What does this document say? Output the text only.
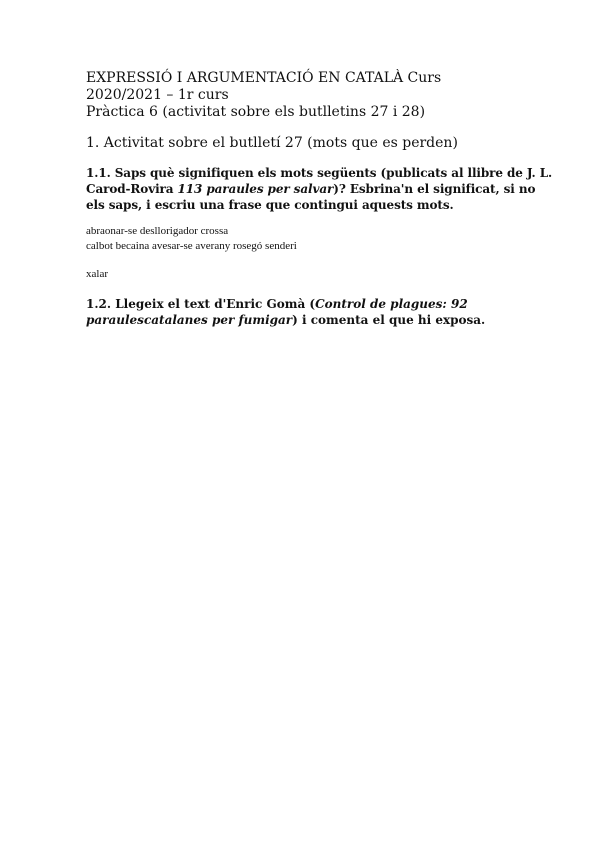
EXPRESSIÓ I ARGUMENTACIÓ EN CATALÀ Curs
2020/2021 – 1r curs
Pràctica 6 (activitat sobre els butlletins 27 i 28)
1. Activitat sobre el butlletí 27 (mots que es perden)

1.1. Saps què signifiquen els mots següents (publicats al llibre de J. L.
Carod-Rovira 113 paraules per salvar)? Esbrina'n el significat, si no
els saps, i escriu una frase que contingui aquests mots.

abraonar-se desllorigador crossa
calbot becaina avesar-se averany rosegó senderi

xalar

1.2. Llegeix el text d'Enric Gomà (Control de plagues: 92
paraulescatalanes per fumigar) i comenta el que hi exposa.
